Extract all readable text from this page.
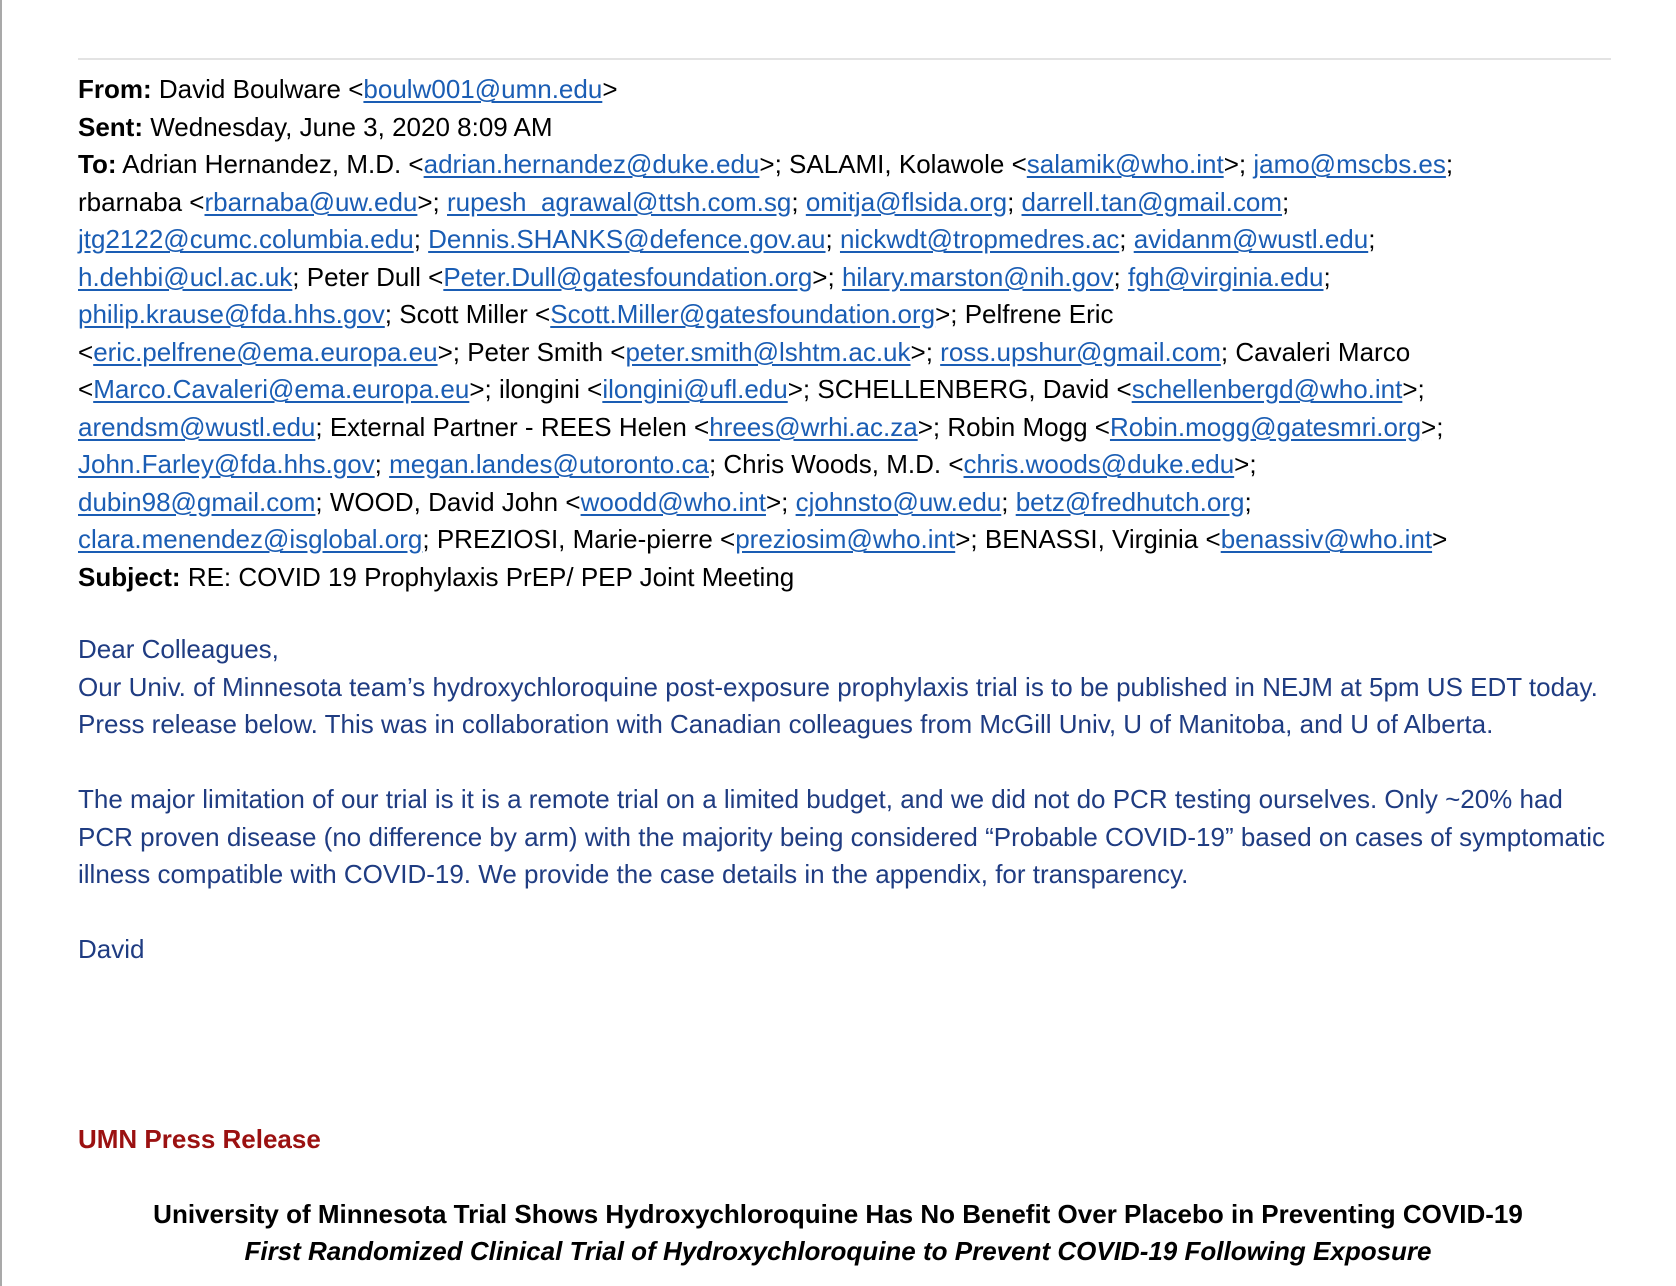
From: David Boulware <boulw001@umn.edu>
Sent: Wednesday, June 3, 2020 8:09 AM
To: Adrian Hernandez, M.D. <adrian.hernandez@duke.edu>; SALAMI, Kolawole <salamik@who.int>; jamo@mscbs.es;
rbarnaba <rbarnaba@uw.edu>; rupesh_agrawal@ttsh.com.sg; omitja@flsida.org; darrell.tan@gmail.com;
jtg2122@cumc.columbia.edu; Dennis.SHANKS@defence.gov.au; nickwdt@tropmedres.ac; avidanm@wustl.edu;
h.dehbi@ucl.ac.uk; Peter Dull <Peter.Dull@gatesfoundation.org>; hilary.marston@nih.gov; fgh@virginia.edu;
philip.krause@fda.hhs.gov; Scott Miller <Scott.Miller@gatesfoundation.org>; Pelfrene Eric
<eric.pelfrene@ema.europa.eu>; Peter Smith <peter.smith@lshtm.ac.uk>; ross.upshur@gmail.com; Cavaleri Marco
<Marco.Cavaleri@ema.europa.eu>; ilongini <ilongini@ufl.edu>; SCHELLENBERG, David <schellenbergd@who.int>;
arendsm@wustl.edu; External Partner - REES Helen <hrees@wrhi.ac.za>; Robin Mogg <Robin.mogg@gatesmri.org>;
John.Farley@fda.hhs.gov; megan.landes@utoronto.ca; Chris Woods, M.D. <chris.woods@duke.edu>;
dubin98@gmail.com; WOOD, David John <woodd@who.int>; cjohnsto@uw.edu; betz@fredhutch.org;
clara.menendez@isglobal.org; PREZIOSI, Marie-pierre <preziosim@who.int>; BENASSI, Virginia <benassiv@who.int>
Subject: RE: COVID 19 Prophylaxis PrEP/ PEP Joint Meeting

Dear Colleagues,

Our Univ. of Minnesota team’s hydroxychloroquine post-exposure prophylaxis trial is to be published in NEJM at 5pm US EDT today. Press release below. This was in collaboration with Canadian colleagues from McGill Univ, U of Manitoba, and U of Alberta.

The major limitation of our trial is it is a remote trial on a limited budget, and we did not do PCR testing ourselves. Only ~20% had PCR proven disease (no difference by arm) with the majority being considered “Probable COVID-19” based on cases of symptomatic illness compatible with COVID-19. We provide the case details in the appendix, for transparency.

David

UMN Press Release
University of Minnesota Trial Shows Hydroxychloroquine Has No Benefit Over Placebo in Preventing COVID-19
First Randomized Clinical Trial of Hydroxychloroquine to Prevent COVID-19 Following Exposure
